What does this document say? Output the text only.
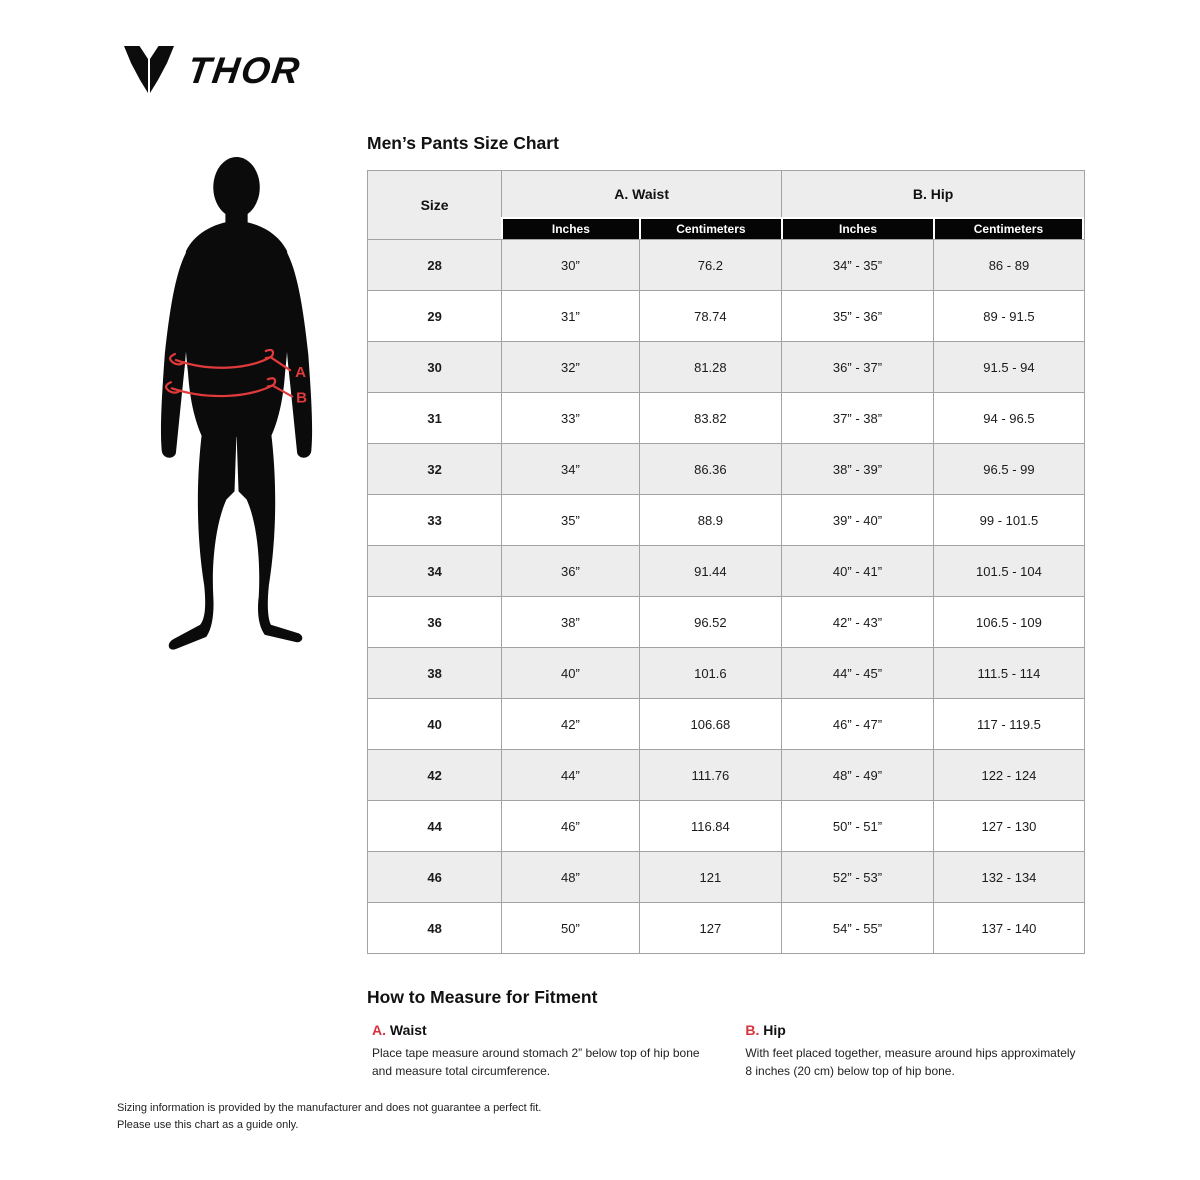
THOR
A
B
Men’s Pants Size Chart
Size	A. Waist		B. Hip	
	Inches	Centimeters	Inches	Centimeters
28	30”	76.2	34” - 35”	86 - 89
29	31”	78.74	35” - 36”	89 - 91.5
30	32”	81.28	36” - 37”	91.5 - 94
31	33”	83.82	37” - 38”	94 - 96.5
32	34”	86.36	38” - 39”	96.5 - 99
33	35”	88.9	39” - 40”	99 - 101.5
34	36”	91.44	40” - 41”	101.5 - 104
36	38”	96.52	42” - 43”	106.5 - 109
38	40”	101.6	44” - 45”	111.5 - 114
40	42”	106.68	46” - 47”	117 - 119.5
42	44”	111.76	48” - 49”	122 - 124
44	46”	116.84	50” - 51”	127 - 130
46	48”	121	52” - 53”	132 - 134
48	50”	127	54” - 55”	137 - 140
How to Measure for Fitment

A. Waist

Place tape measure around stomach 2” below top of hip bone and measure total circumference.

B. Hip

With feet placed together, measure around hips approximately 8 inches (20 cm) below top of hip bone.

Sizing information is provided by the manufacturer and does not guarantee a perfect fit.
Please use this chart as a guide only.
